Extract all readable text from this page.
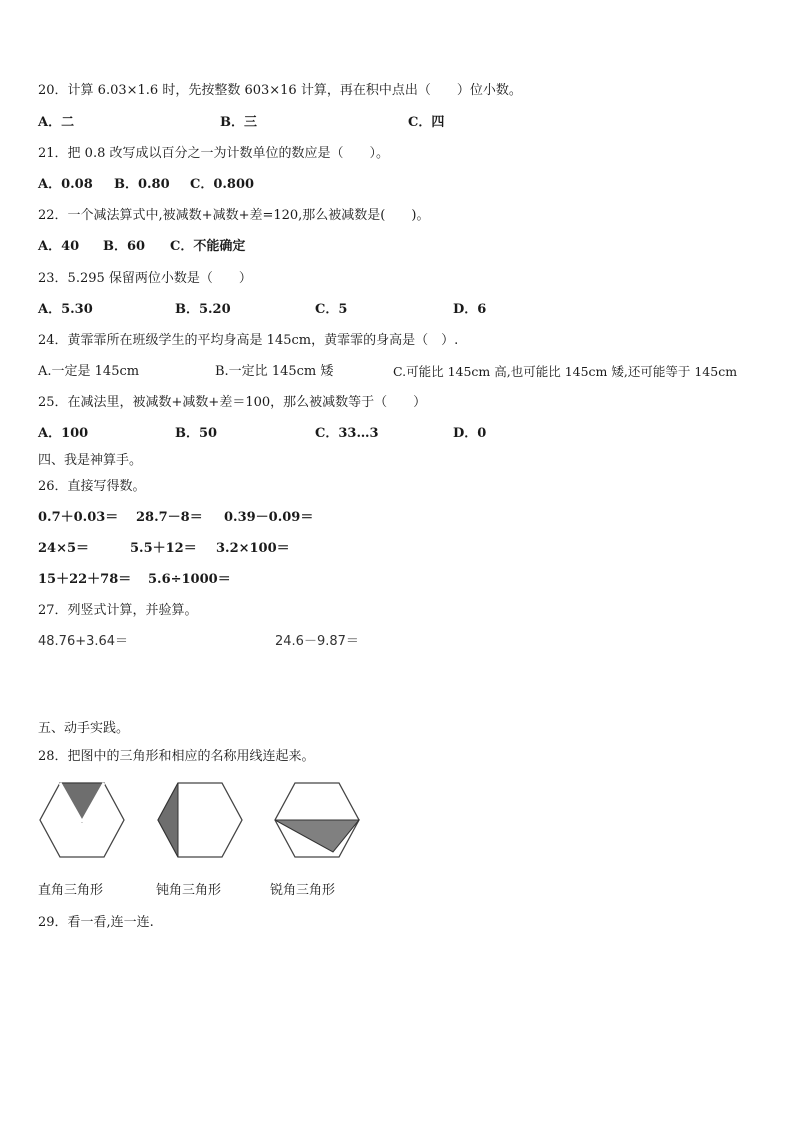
20．计算 6.03×1.6 时，先按整数 603×16 计算，再在积中点出（　　）位小数。
A．二	B．三	C．四
21．把 0.8 改写成以百分之一为计数单位的数应是（　　）。
A．0.08 B．0.80 C．0.800
22．一个减法算式中,被减数+减数+差=120,那么被减数是(　　)。
A．40 B．60 C．不能确定
23．5.295 保留两位小数是（　　）
A．5.30	B．5.20	C．5	D．6
24．黄霏霏所在班级学生的平均身高是 145cm，黄霏霏的身高是（　）.
A.一定是 145cm	B.一定比 145cm 矮	C.可能比 145cm 高,也可能比 145cm 矮,还可能等于 145cm
25．在减法里，被减数+减数+差＝100，那么被减数等于（　　）
A．100	B．50	C．33…3	D．0
四、我是神算手。
26．直接写得数。
0.7＋0.03＝ 28.7－8＝ 0.39－0.09＝
24×5＝	5.5＋12＝ 3.2×100＝
15＋22＋78＝ 5.6÷1000＝
27．列竖式计算，并验算。
48.76+3.64＝	24.6－9.87＝
五、动手实践。
28．把图中的三角形和相应的名称用线连起来。
直角三角形	钝角三角形	锐角三角形
29．看一看,连一连.
